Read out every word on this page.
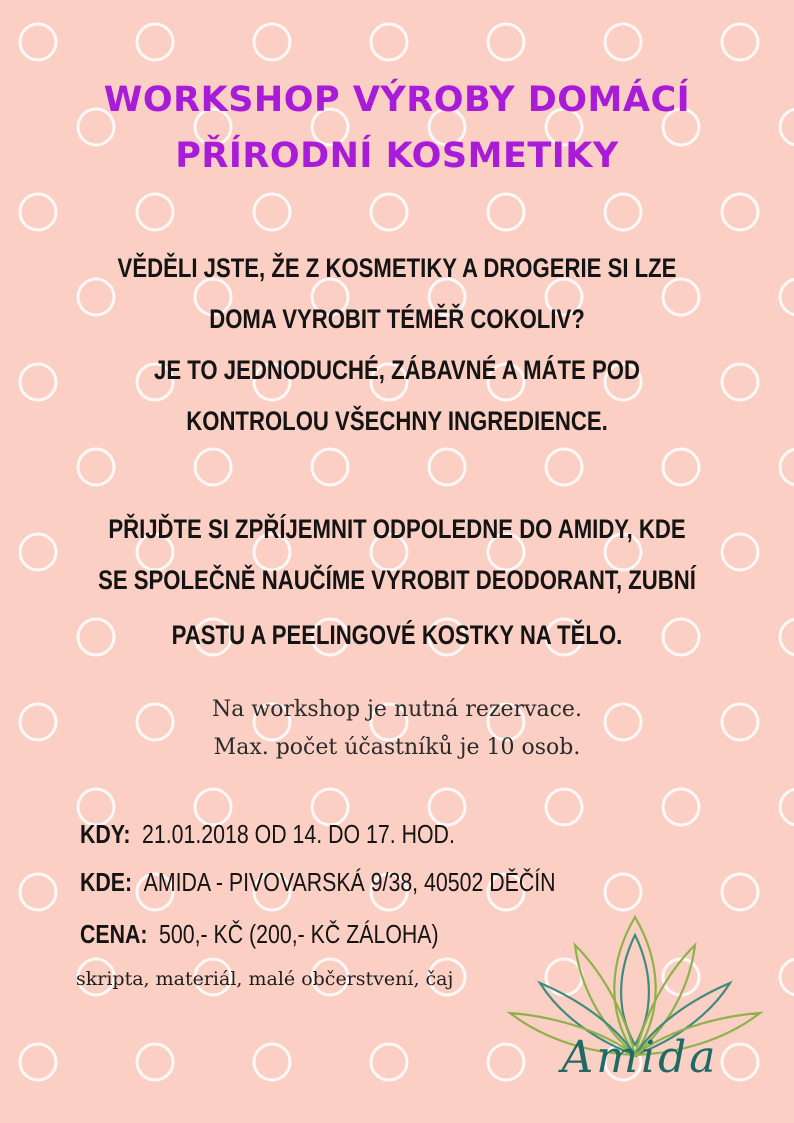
WORKSHOP VÝROBY DOMÁCÍ
PŘÍRODNÍ KOSMETIKY
VĚDĚLI JSTE, ŽE Z KOSMETIKY A DROGERIE SI LZE
DOMA VYROBIT TÉMĚŘ COKOLIV?
JE TO JEDNODUCHÉ, ZÁBAVNÉ A MÁTE POD
KONTROLOU VŠECHNY INGREDIENCE.
PŘIJĎTE SI ZPŘÍJEMNIT ODPOLEDNE DO AMIDY, KDE
SE SPOLEČNĚ NAUČÍME VYROBIT DEODORANT, ZUBNÍ
PASTU A PEELINGOVÉ KOSTKY NA TĚLO.
Na workshop je nutná rezervace.
Max. počet účastníků je 10 osob.
KDY: 21.01.2018 OD 14. DO 17. HOD.
KDE: AMIDA - PIVOVARSKÁ 9/38, 40502 DĚČÍN
CENA: 500,- KČ (200,- KČ ZÁLOHA)
skripta, materiál, malé občerstvení, čaj
Amida
